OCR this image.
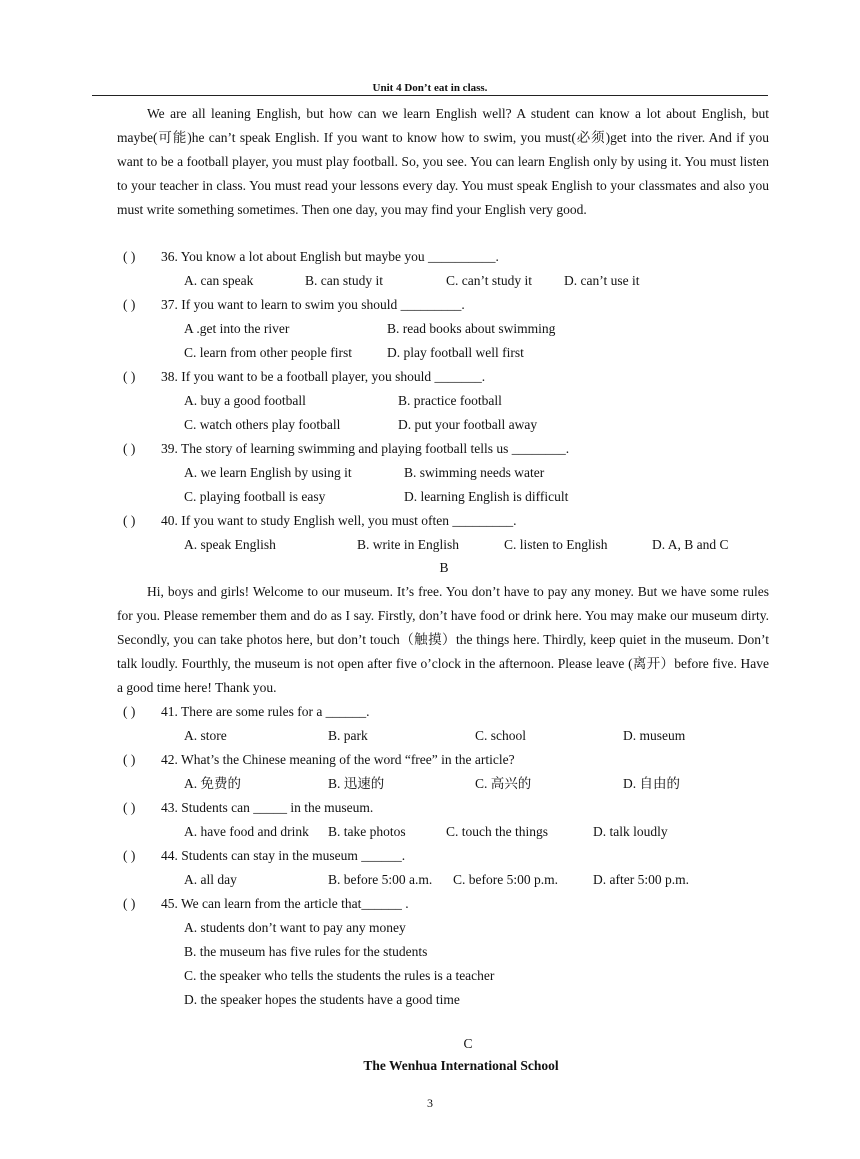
Unit 4 Don’t eat in class.

We are all leaning English, but how can we learn English well? A student can know a lot about English, but maybe(可能)he can’t speak English. If you want to know how to swim, you must(必须)get into the river. And if you want to be a football player, you must play football. So, you see. You can learn English only by using it. You must listen to your teacher in class. You must read your lessons every day. You must speak English to your classmates and also you must write something sometimes. Then one day, you may find your English very good.

( ) 36. You know a lot about English but maybe you __________.
A. can speak	B. can study it	C. can’t study it D. can’t use it
( ) 37. If you want to learn to swim you should _________.
A .get into the river	B. read books about swimming
C. learn from other people first	D. play football well first
( ) 38. If you want to be a football player, you should _______.
A. buy a good football	B. practice football
C. watch others play football	D. put your football away
( ) 39. The story of learning swimming and playing football tells us ________.
A. we learn English by using it	B. swimming needs water
C. playing football is easy	D. learning English is difficult
( ) 40. If you want to study English well, you must often _________.
A. speak English	B. write in English	C. listen to English	D. A, B and C
B

Hi, boys and girls! Welcome to our museum. It’s free. You don’t have to pay any money. But we have some rules for you. Please remember them and do as I say. Firstly, don’t have food or drink here. You may make our museum dirty. Secondly, you can take photos here, but don’t touch（触摸）the things here. Thirdly, keep quiet in the museum. Don’t talk loudly. Fourthly, the museum is not open after five o’clock in the afternoon. Please leave (离开）before five. Have a good time here! Thank you.

( ) 41. There are some rules for a ______.
A. store	B. park	C. school	D. museum
( ) 42. What’s the Chinese meaning of the word “free” in the article?
A. 免费的	B. 迅速的	C. 高兴的	D. 自由的
( ) 43. Students can _____ in the museum.
A. have food and drink B. take photos	C. touch the things	D. talk loudly
( ) 44. Students can stay in the museum ______.
A. all day	B. before 5:00 a.m. C. before 5:00 p.m.	D. after 5:00 p.m.
( ) 45. We can learn from the article that______ .
A. students don’t want to pay any money
B. the museum has five rules for the students
C. the speaker who tells the students the rules is a teacher
D. the speaker hopes the students have a good time
C
The Wenhua International School
3
